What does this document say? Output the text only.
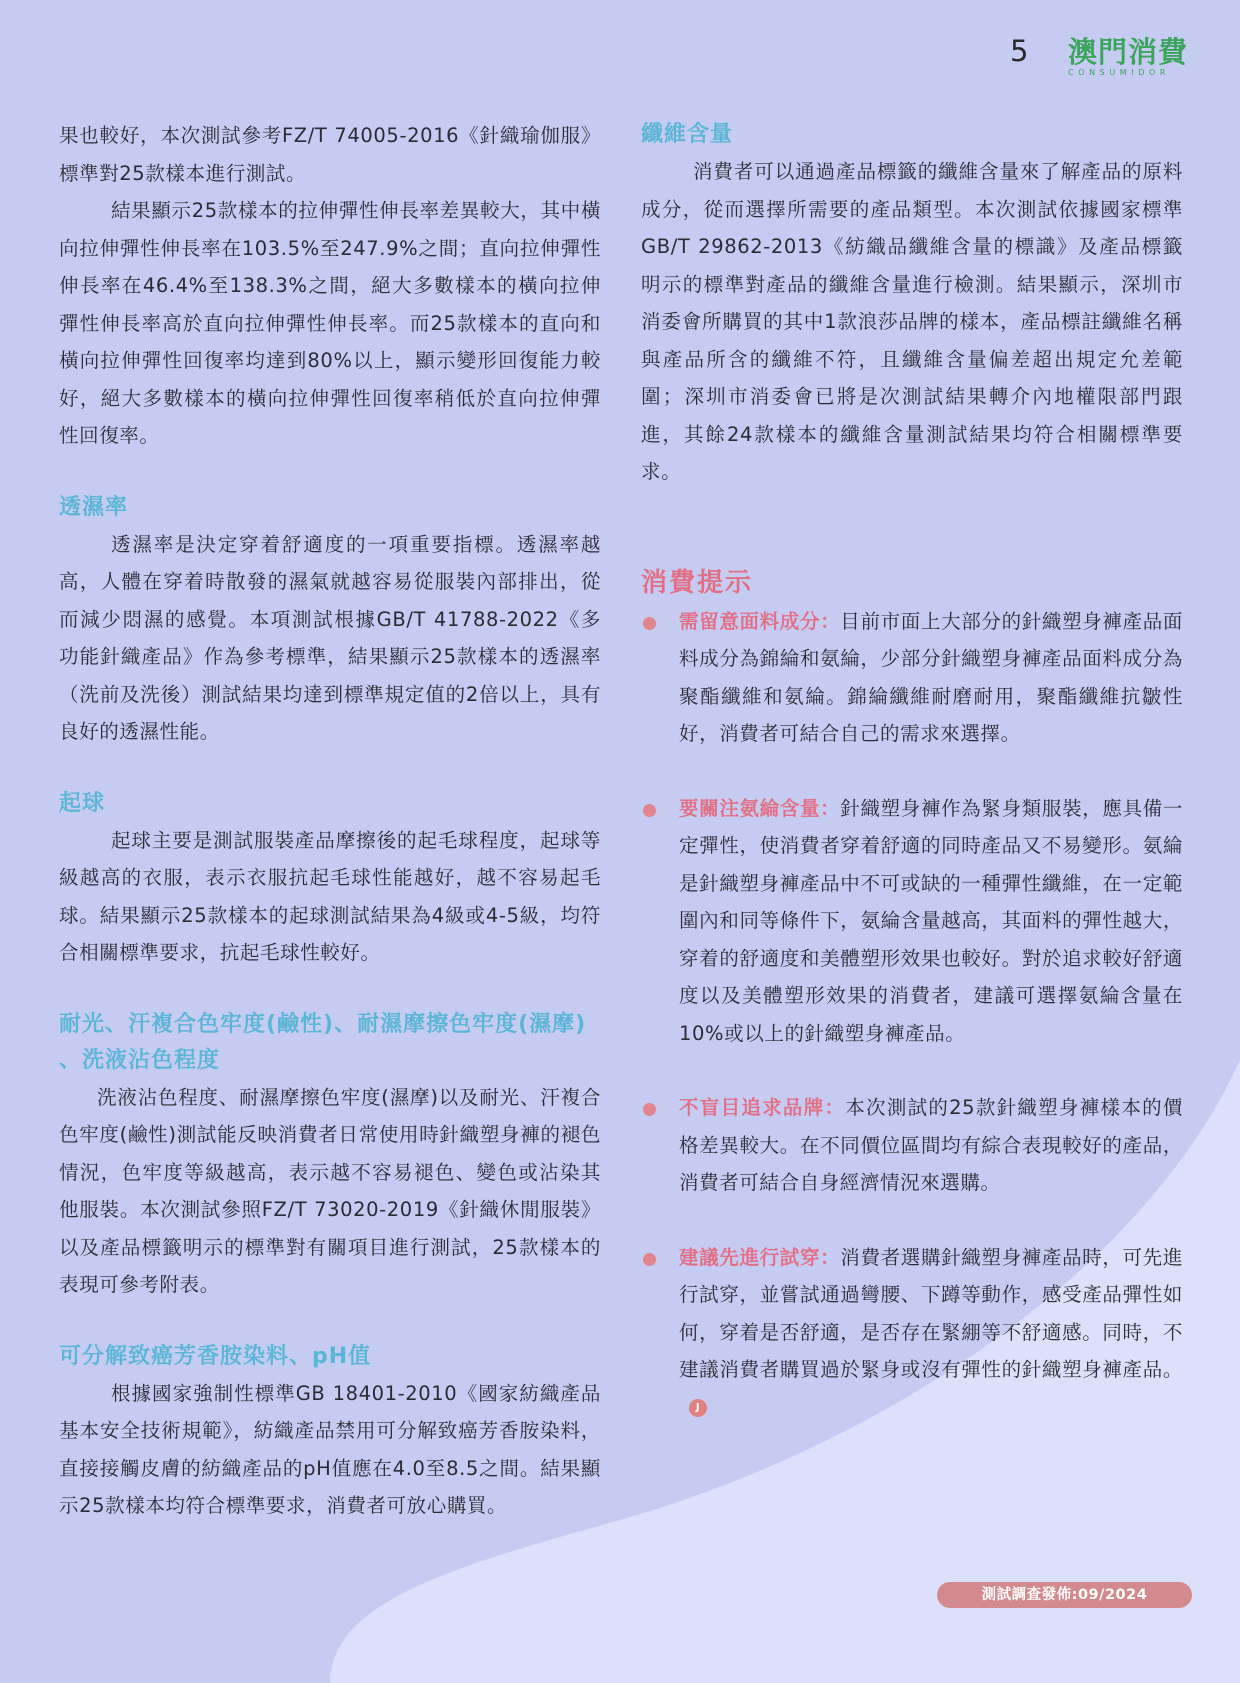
5 澳門消費
CONSUMIDOR

果也較好，本次測試參考FZ/T 74005-2016《針織瑜伽服》標準對25款樣本進行測試。

結果顯示25款樣本的拉伸彈性伸長率差異較大，其中橫向拉伸彈性伸長率在103.5%至247.9%之間；直向拉伸彈性伸長率在46.4%至138.3%之間，絕大多數樣本的橫向拉伸彈性伸長率高於直向拉伸彈性伸長率。而25款樣本的直向和橫向拉伸彈性回復率均達到80%以上，顯示變形回復能力較好，絕大多數樣本的橫向拉伸彈性回復率稍低於直向拉伸彈性回復率。

透濕率

透濕率是決定穿着舒適度的一項重要指標。透濕率越高，人體在穿着時散發的濕氣就越容易從服裝內部排出，從而減少悶濕的感覺。本項測試根據GB/T 41788-2022《多功能針織產品》作為參考標準，結果顯示25款樣本的透濕率（洗前及洗後）測試結果均達到標準規定值的2倍以上，具有良好的透濕性能。

起球

起球主要是測試服裝產品摩擦後的起毛球程度，起球等級越高的衣服，表示衣服抗起毛球性能越好，越不容易起毛球。結果顯示25款樣本的起球測試結果為4級或4-5級，均符合相關標準要求，抗起毛球性較好。

耐光、汗複合色牢度(鹼性)、耐濕摩擦色牢度(濕摩) 、洗液沾色程度

洗液沾色程度、耐濕摩擦色牢度(濕摩)以及耐光、汗複合色牢度(鹼性)測試能反映消費者日常使用時針織塑身褲的褪色情況，色牢度等級越高，表示越不容易褪色、變色或沾染其他服裝。本次測試參照FZ/T 73020-2019《針織休閒服裝》以及產品標籤明示的標準對有關項目進行測試，25款樣本的表現可參考附表。

可分解致癌芳香胺染料、pH值

根據國家強制性標準GB 18401-2010《國家紡織產品基本安全技術規範》，紡織產品禁用可分解致癌芳香胺染料，直接接觸皮膚的紡織產品的pH值應在4.0至8.5之間。結果顯示25款樣本均符合標準要求，消費者可放心購買。

纖維含量

消費者可以通過產品標籤的纖維含量來了解產品的原料成分，從而選擇所需要的產品類型。本次測試依據國家標準GB/T 29862-2013《紡織品纖維含量的標識》及產品標籤明示的標準對產品的纖維含量進行檢測。結果顯示，深圳市消委會所購買的其中1款浪莎品牌的樣本，產品標註纖維名稱與產品所含的纖維不符，且纖維含量偏差超出規定允差範圍；深圳市消委會已將是次測試結果轉介內地權限部門跟進，其餘24款樣本的纖維含量測試結果均符合相關標準要求。

消費提示

需留意面料成分：目前市面上大部分的針織塑身褲產品面料成分為錦綸和氨綸，少部分針織塑身褲產品面料成分為聚酯纖維和氨綸。錦綸纖維耐磨耐用，聚酯纖維抗皺性好，消費者可結合自己的需求來選擇。

要關注氨綸含量：針織塑身褲作為緊身類服裝，應具備一定彈性，使消費者穿着舒適的同時產品又不易變形。氨綸是針織塑身褲產品中不可或缺的一種彈性纖維，在一定範圍內和同等條件下，氨綸含量越高，其面料的彈性越大，穿着的舒適度和美體塑形效果也較好。對於追求較好舒適度以及美體塑形效果的消費者，建議可選擇氨綸含量在10%或以上的針織塑身褲產品。

不盲目追求品牌：本次測試的25款針織塑身褲樣本的價格差異較大。在不同價位區間均有綜合表現較好的產品，消費者可結合自身經濟情況來選購。

建議先進行試穿：消費者選購針織塑身褲產品時，可先進行試穿，並嘗試通過彎腰、下蹲等動作，感受產品彈性如何，穿着是否舒適，是否存在緊綳等不舒適感。同時，不建議消費者購買過於緊身或沒有彈性的針織塑身褲產品。J

測試調查發佈:09/2024
